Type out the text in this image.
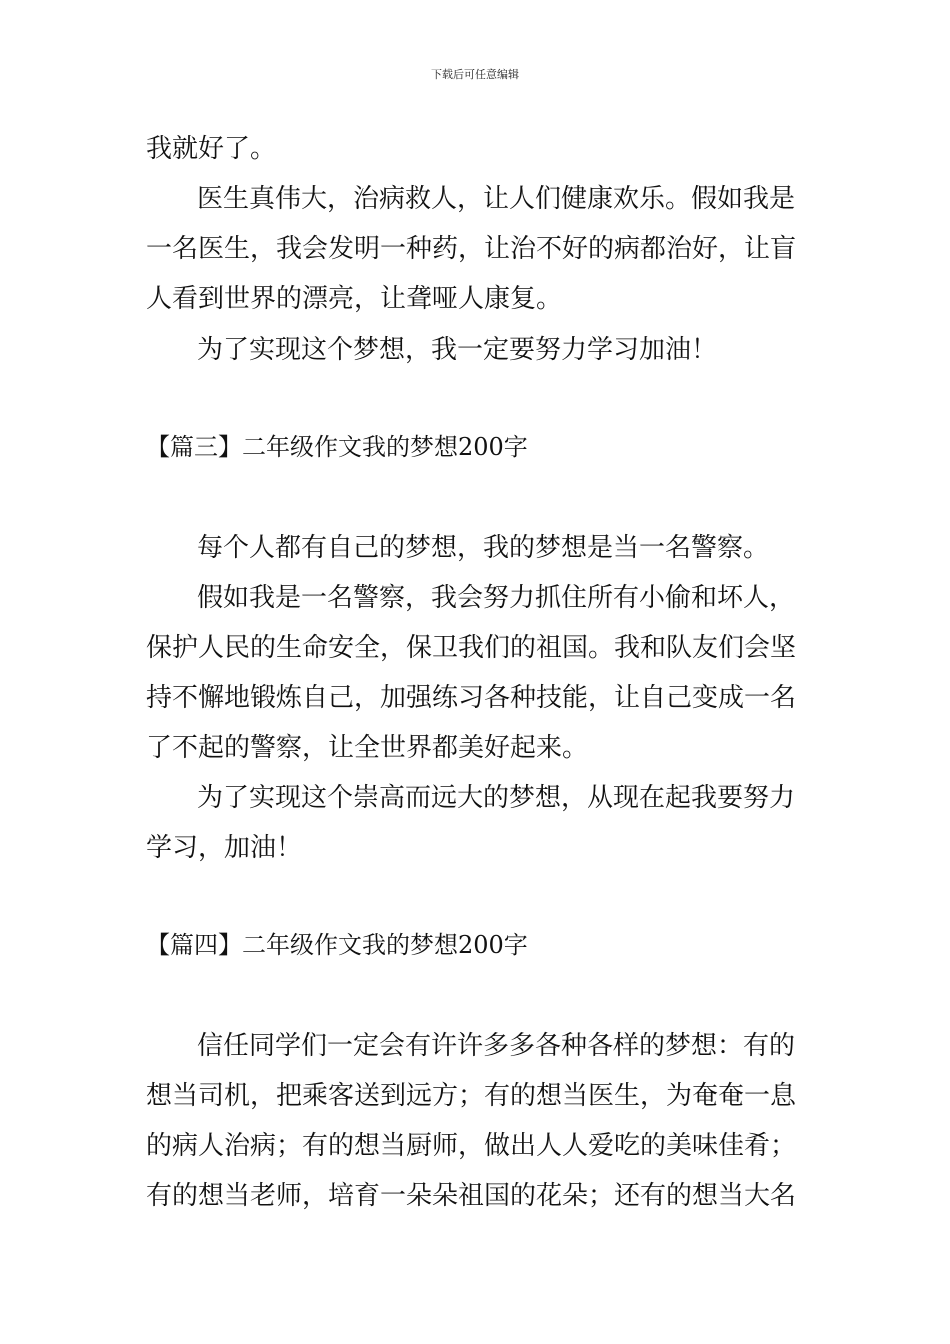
下载后可任意编辑
我就好了。
医生真伟大，治病救人，让人们健康欢乐。假如我是
一名医生，我会发明一种药，让治不好的病都治好，让盲
人看到世界的漂亮，让聋哑人康复。
为了实现这个梦想，我一定要努力学习加油！
【篇三】二年级作文我的梦想200字
每个人都有自己的梦想，我的梦想是当一名警察。
假如我是一名警察，我会努力抓住所有小偷和坏人，
保护人民的生命安全，保卫我们的祖国。我和队友们会坚
持不懈地锻炼自己，加强练习各种技能，让自己变成一名
了不起的警察，让全世界都美好起来。
为了实现这个崇高而远大的梦想，从现在起我要努力
学习，加油！
【篇四】二年级作文我的梦想200字
信任同学们一定会有许许多多各种各样的梦想：有的
想当司机，把乘客送到远方；有的想当医生，为奄奄一息
的病人治病；有的想当厨师，做出人人爱吃的美味佳肴；
有的想当老师，培育一朵朵祖国的花朵；还有的想当大名
